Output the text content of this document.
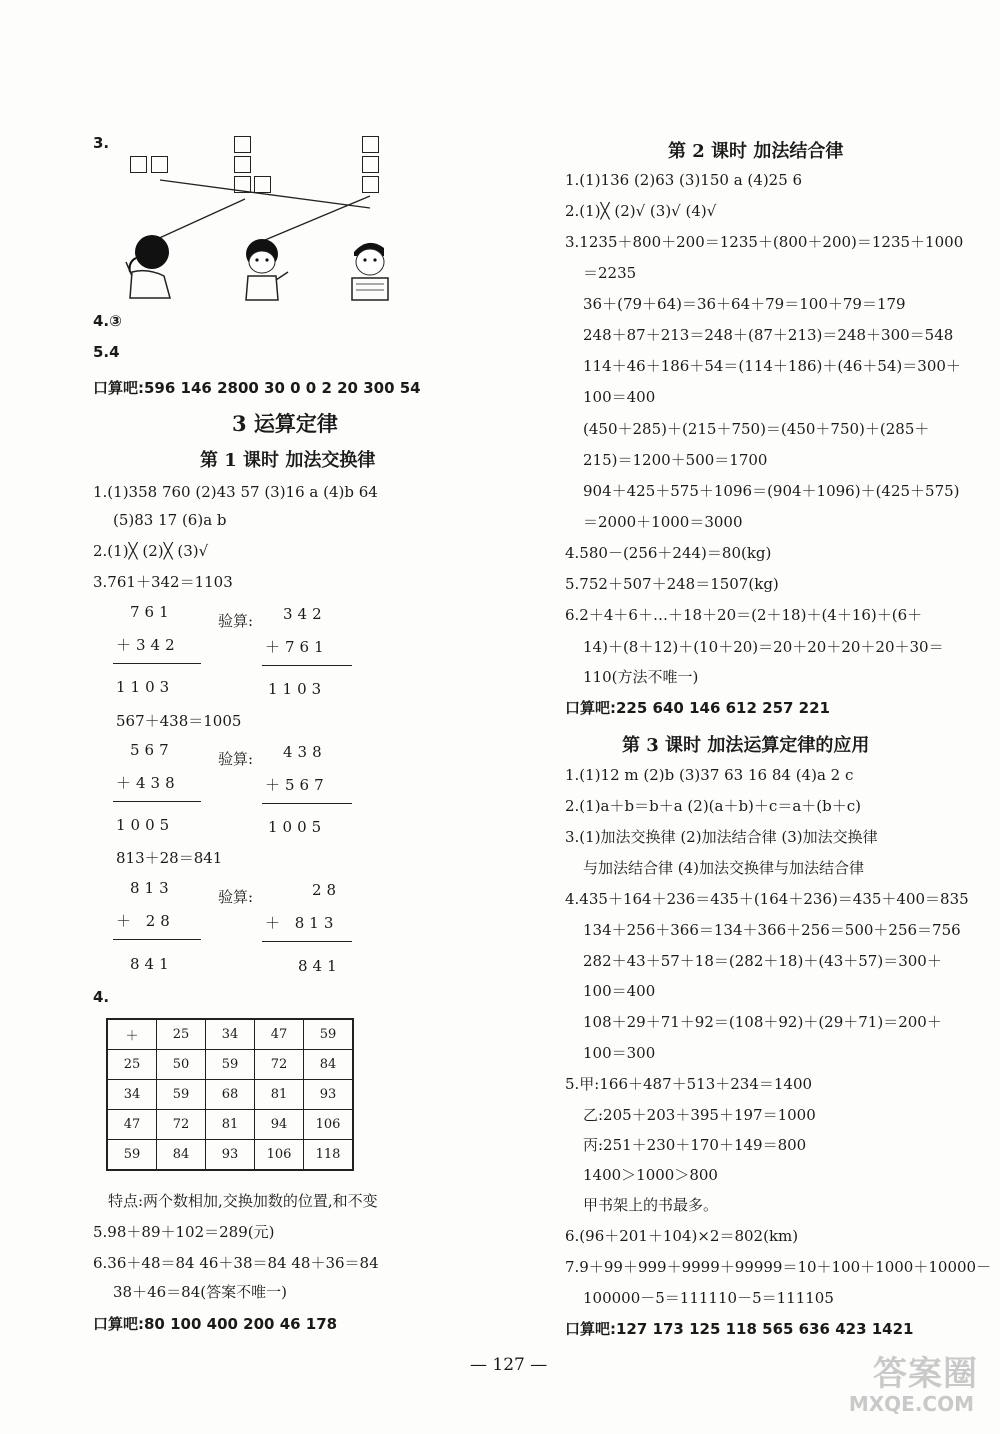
3.
4.③
5.4
口算吧:596 146 2800 30 0 0 2 20 300 54
3 运算定律
第 1 课时 加法交换律
1.(1)358 760 (2)43 57 (3)16 a (4)b 64
(5)83 17 (6)a b
2.(1)╳ (2)╳ (3)√
3.761＋342＝1103
761
＋342
1103
验算: 342
＋761
1103
567＋438＝1005
567
＋438
1005
验算: 438
＋567
1005
813＋28＝841
813
＋ 28
841
验算:	28
＋ 813
841
4.
＋	25	34	47	59
25	50	59	72	84
34	59	68	81	93
47	72	81	94	106
59	84	93	106	118
特点:两个数相加,交换加数的位置,和不变
5.98＋89＋102＝289(元)
6.36＋48＝84 46＋38＝84 48＋36＝84
38＋46＝84(答案不唯一)
口算吧:80 100 400 200 46 178
第 2 课时 加法结合律
1.(1)136 (2)63 (3)150 a (4)25 6
2.(1)╳ (2)√ (3)√ (4)√
3.1235＋800＋200＝1235＋(800＋200)＝1235＋1000
＝2235
36＋(79＋64)＝36＋64＋79＝100＋79＝179
248＋87＋213＝248＋(87＋213)＝248＋300＝548
114＋46＋186＋54＝(114＋186)＋(46＋54)＝300＋
100＝400
(450＋285)＋(215＋750)＝(450＋750)＋(285＋
215)＝1200＋500＝1700
904＋425＋575＋1096＝(904＋1096)＋(425＋575)
＝2000＋1000＝3000
4.580－(256＋244)＝80(kg)
5.752＋507＋248＝1507(kg)
6.2＋4＋6＋…＋18＋20＝(2＋18)＋(4＋16)＋(6＋
14)＋(8＋12)＋(10＋20)＝20＋20＋20＋20＋30＝
110(方法不唯一)
口算吧:225 640 146 612 257 221
第 3 课时 加法运算定律的应用
1.(1)12 m (2)b (3)37 63 16 84 (4)a 2 c
2.(1)a＋b＝b＋a (2)(a＋b)＋c＝a＋(b＋c)
3.(1)加法交换律 (2)加法结合律 (3)加法交换律
与加法结合律 (4)加法交换律与加法结合律
4.435＋164＋236＝435＋(164＋236)＝435＋400＝835
134＋256＋366＝134＋366＋256＝500＋256＝756
282＋43＋57＋18＝(282＋18)＋(43＋57)＝300＋
100＝400
108＋29＋71＋92＝(108＋92)＋(29＋71)＝200＋
100＝300
5.甲:166＋487＋513＋234＝1400
乙:205＋203＋395＋197＝1000
丙:251＋230＋170＋149＝800
1400＞1000＞800
甲书架上的书最多。
6.(96＋201＋104)×2＝802(km)
7.9＋99＋999＋9999＋99999＝10＋100＋1000＋10000－
100000－5＝111110－5＝111105
口算吧:127 173 125 118 565 636 423 1421
— 127 —	答案圈
MXQE.COM
